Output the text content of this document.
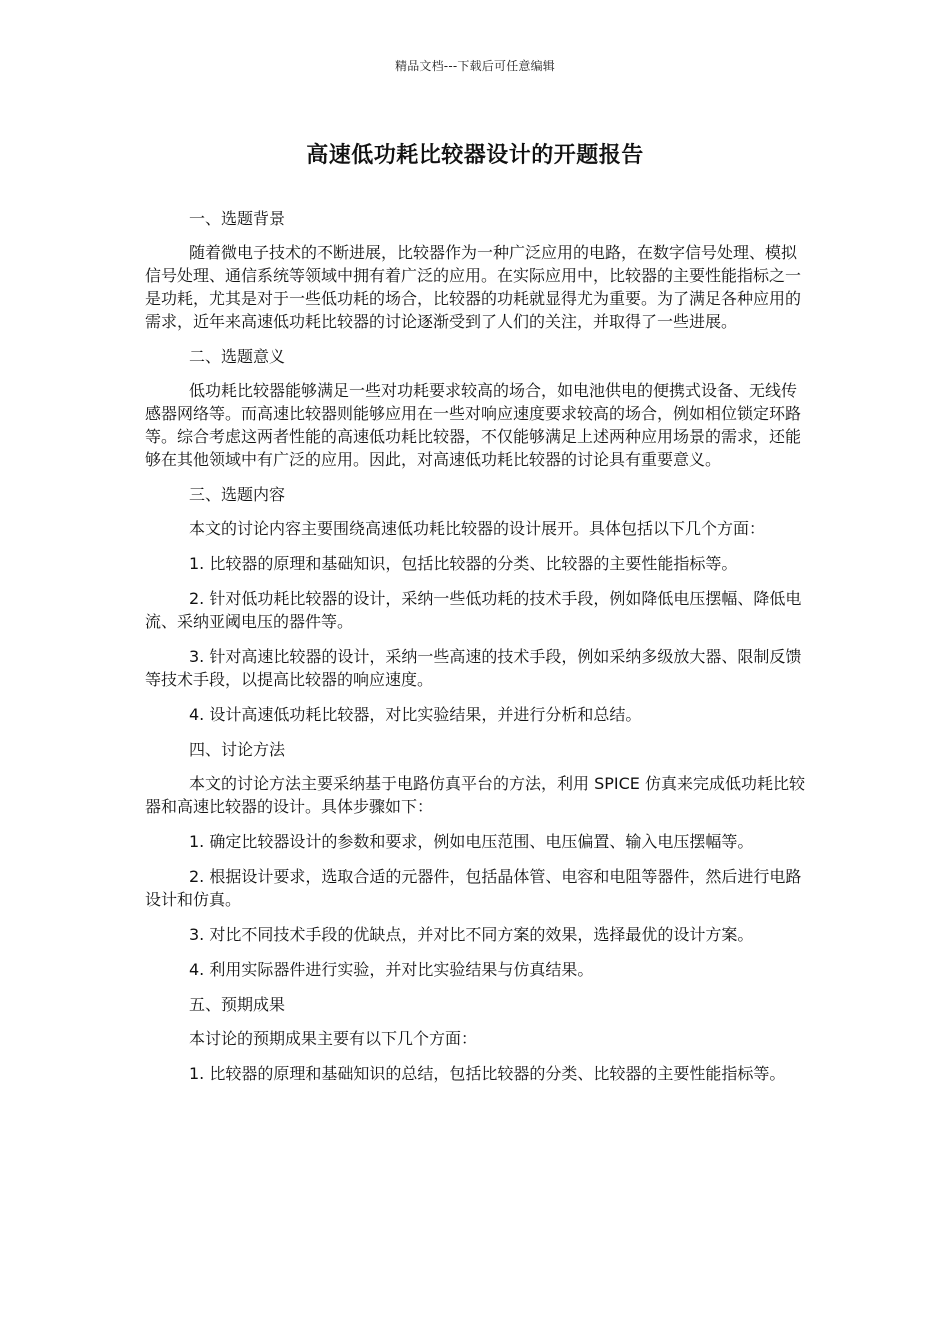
精品文档---下载后可任意编辑
高速低功耗比较器设计的开题报告

一、选题背景

随着微电子技术的不断进展，比较器作为一种广泛应用的电路，在数字信号处理、模拟信号处理、通信系统等领域中拥有着广泛的应用。在实际应用中，比较器的主要性能指标之一是功耗，尤其是对于一些低功耗的场合，比较器的功耗就显得尤为重要。为了满足各种应用的需求，近年来高速低功耗比较器的讨论逐渐受到了人们的关注，并取得了一些进展。

二、选题意义

低功耗比较器能够满足一些对功耗要求较高的场合，如电池供电的便携式设备、无线传感器网络等。而高速比较器则能够应用在一些对响应速度要求较高的场合，例如相位锁定环路等。综合考虑这两者性能的高速低功耗比较器，不仅能够满足上述两种应用场景的需求，还能够在其他领域中有广泛的应用。因此，对高速低功耗比较器的讨论具有重要意义。

三、选题内容

本文的讨论内容主要围绕高速低功耗比较器的设计展开。具体包括以下几个方面：

1. 比较器的原理和基础知识，包括比较器的分类、比较器的主要性能指标等。

2. 针对低功耗比较器的设计，采纳一些低功耗的技术手段，例如降低电压摆幅、降低电流、采纳亚阈电压的器件等。

3. 针对高速比较器的设计，采纳一些高速的技术手段，例如采纳多级放大器、限制反馈等技术手段，以提高比较器的响应速度。

4. 设计高速低功耗比较器，对比实验结果，并进行分析和总结。

四、讨论方法

本文的讨论方法主要采纳基于电路仿真平台的方法，利用 SPICE 仿真来完成低功耗比较器和高速比较器的设计。具体步骤如下：

1. 确定比较器设计的参数和要求，例如电压范围、电压偏置、输入电压摆幅等。

2. 根据设计要求，选取合适的元器件，包括晶体管、电容和电阻等器件，然后进行电路设计和仿真。

3. 对比不同技术手段的优缺点，并对比不同方案的效果，选择最优的设计方案。

4. 利用实际器件进行实验，并对比实验结果与仿真结果。

五、预期成果

本讨论的预期成果主要有以下几个方面：

1. 比较器的原理和基础知识的总结，包括比较器的分类、比较器的主要性能指标等。
